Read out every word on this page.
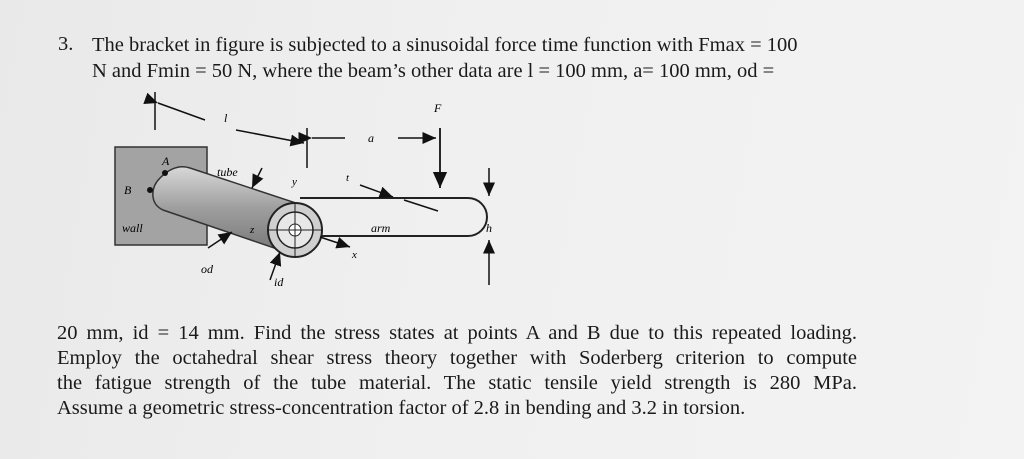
3. The bracket in figure is subjected to a sinusoidal force time function with Fmax = 100
N and Fmin = 50 N, where the beam’s other data are l = 100 mm, a= 100 mm, od =
l
a
F
A
B
tube
y	t
wall	z	arm	h
x
od
id
20 mm, id = 14 mm. Find the stress states at points A and B due to this repeated loading.
Employ the octahedral shear stress theory together with Soderberg criterion to compute
the fatigue strength of the tube material. The static tensile yield strength is 280 MPa.
Assume a geometric stress-concentration factor of 2.8 in bending and 3.2 in torsion.
